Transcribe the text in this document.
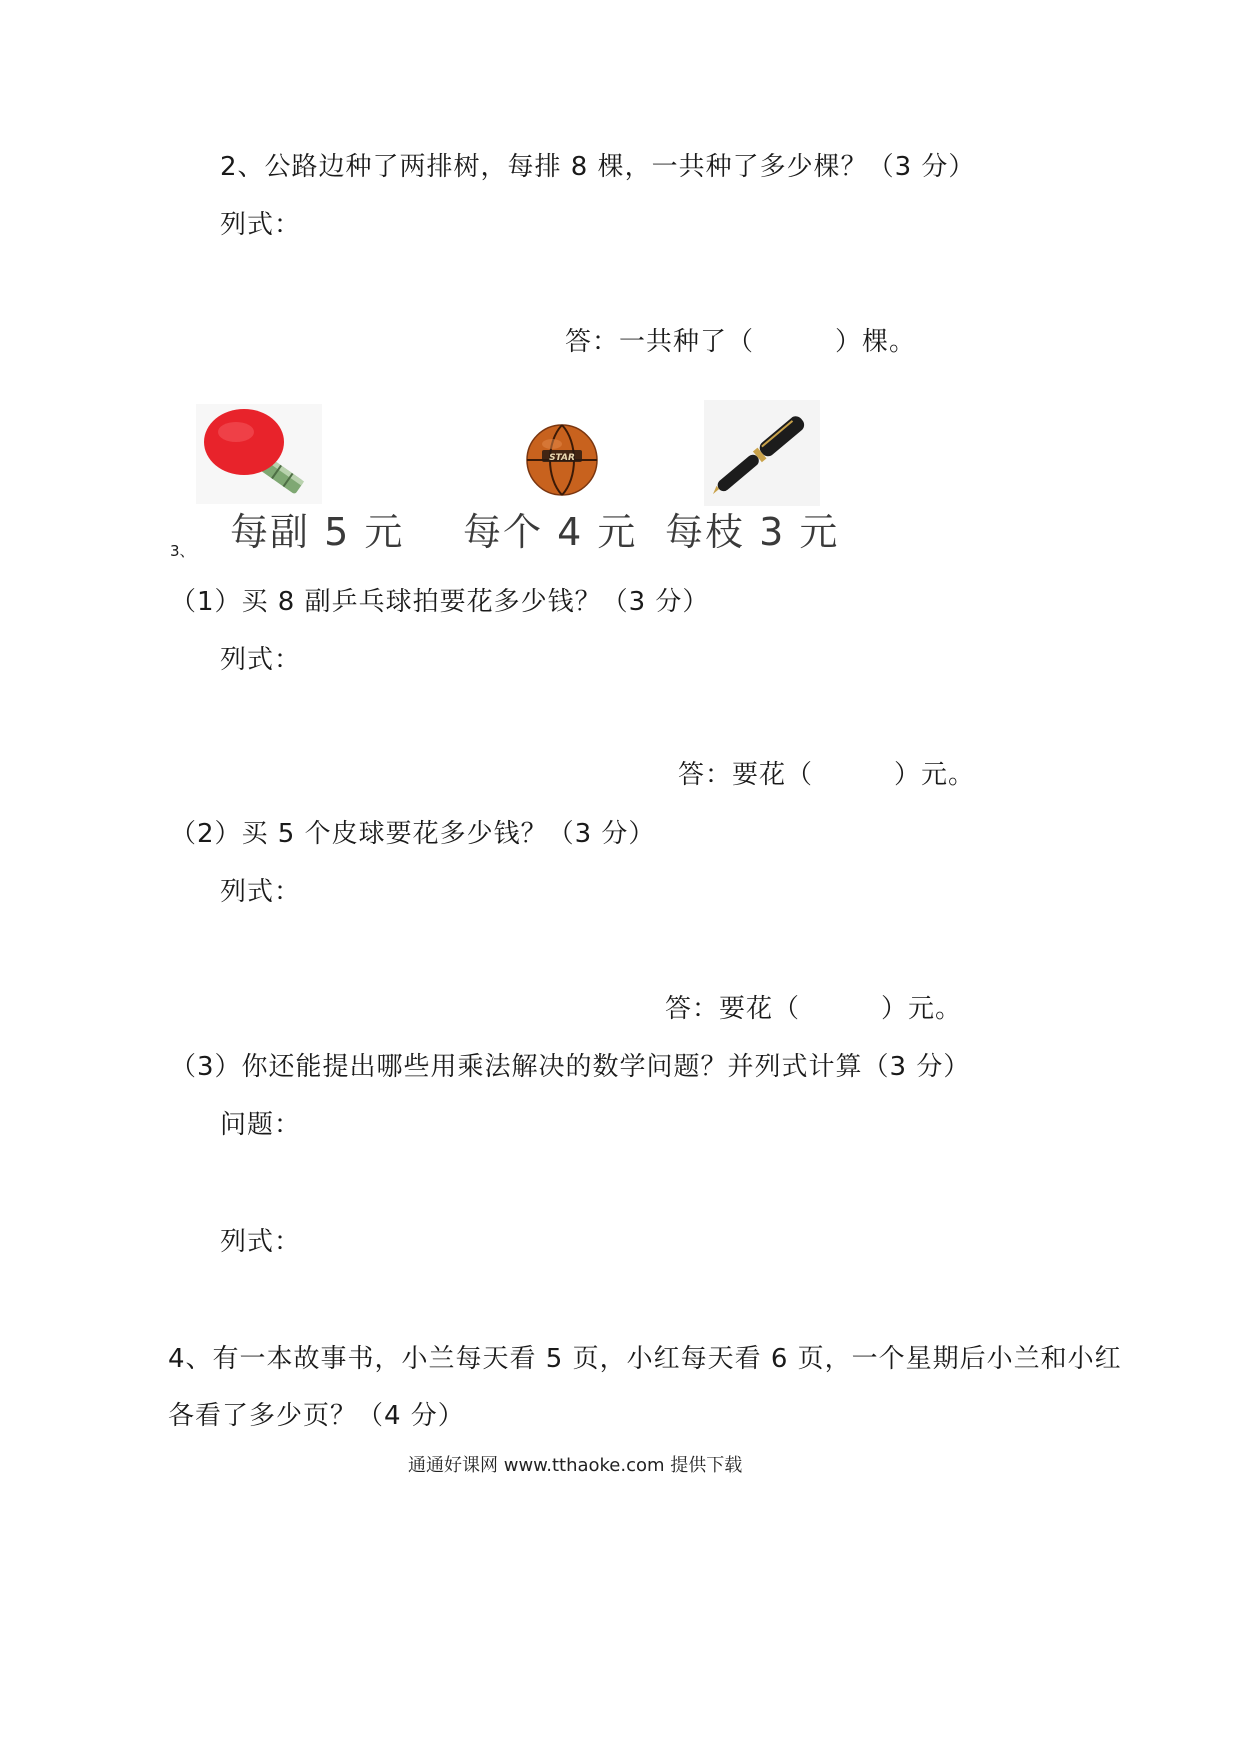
2、公路边种了两排树，每排 8 棵，一共种了多少棵？（3 分）
列式：
答：一共种了（　　　）棵。
STAR
每副 5 元 每个 4 元 每枝 3 元
3、
（1）买 8 副乒乓球拍要花多少钱？（3 分）
列式：
答：要花（　　　）元。
（2）买 5 个皮球要花多少钱？（3 分）
列式：
答：要花（　　　）元。
（3）你还能提出哪些用乘法解决的数学问题？并列式计算（3 分）
问题：
列式：
4、有一本故事书，小兰每天看 5 页，小红每天看 6 页，一个星期后小兰和小红
各看了多少页？（4 分）
通通好课网 www.tthaoke.com 提供下载
